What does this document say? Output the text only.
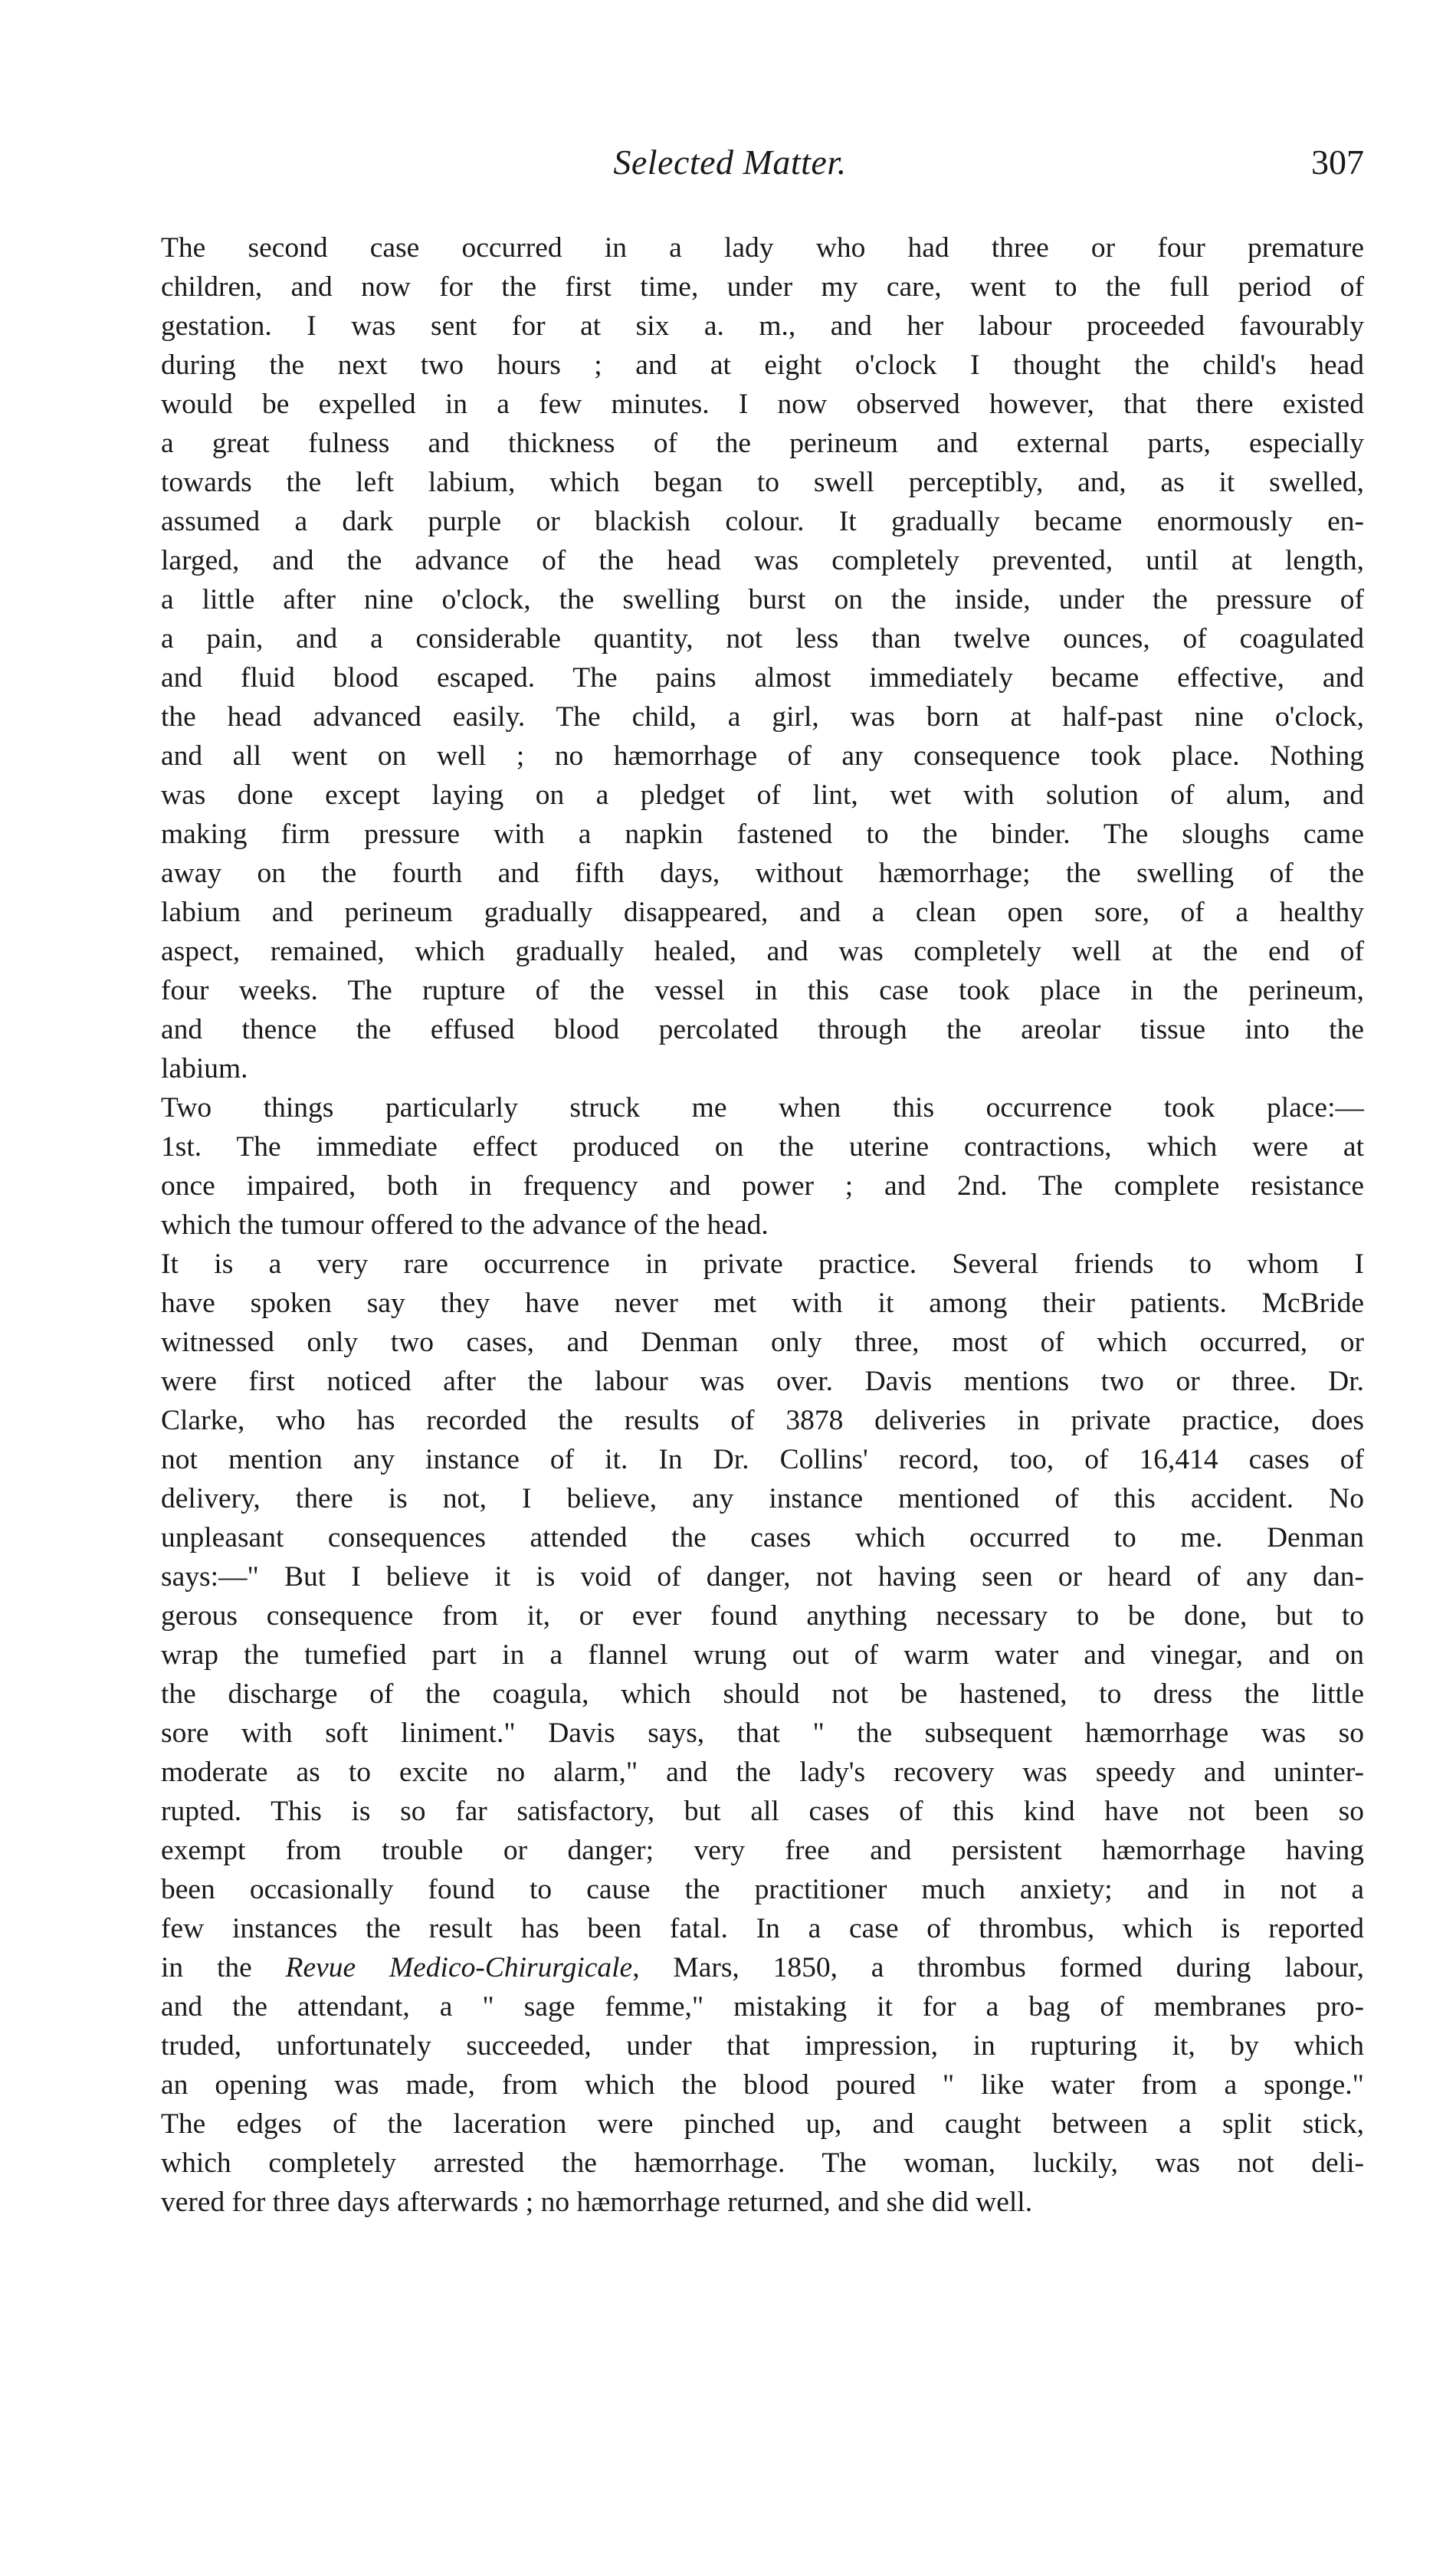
Selected Matter.	307

The second case occurred in a lady who had three or four premature
children, and now for the first time, under my care, went to the full period of
gestation. I was sent for at six a. m., and her labour proceeded favourably
during the next two hours ; and at eight o'clock I thought the child's head
would be expelled in a few minutes. I now observed however, that there existed
a great fulness and thickness of the perineum and external parts, especially
towards the left labium, which began to swell perceptibly, and, as it swelled,
assumed a dark purple or blackish colour. It gradually became enormously en-
larged, and the advance of the head was completely prevented, until at length,
a little after nine o'clock, the swelling burst on the inside, under the pressure of
a pain, and a considerable quantity, not less than twelve ounces, of coagulated
and fluid blood escaped. The pains almost immediately became effective, and
the head advanced easily. The child, a girl, was born at half-past nine o'clock,
and all went on well ; no hæmorrhage of any consequence took place. Nothing
was done except laying on a pledget of lint, wet with solution of alum, and
making firm pressure with a napkin fastened to the binder. The sloughs came
away on the fourth and fifth days, without hæmorrhage; the swelling of the
labium and perineum gradually disappeared, and a clean open sore, of a healthy
aspect, remained, which gradually healed, and was completely well at the end of
four weeks. The rupture of the vessel in this case took place in the perineum,
and thence the effused blood percolated through the areolar tissue into the
labium.

Two things particularly struck me when this occurrence took place:—
1st. The immediate effect produced on the uterine contractions, which were at
once impaired, both in frequency and power ; and 2nd. The complete resistance
which the tumour offered to the advance of the head.

It is a very rare occurrence in private practice. Several friends to whom I
have spoken say they have never met with it among their patients. McBride
witnessed only two cases, and Denman only three, most of which occurred, or
were first noticed after the labour was over. Davis mentions two or three. Dr.
Clarke, who has recorded the results of 3878 deliveries in private practice, does
not mention any instance of it. In Dr. Collins' record, too, of 16,414 cases of
delivery, there is not, I believe, any instance mentioned of this accident. No
unpleasant consequences attended the cases which occurred to me. Denman
says:—" But I believe it is void of danger, not having seen or heard of any dan-
gerous consequence from it, or ever found anything necessary to be done, but to
wrap the tumefied part in a flannel wrung out of warm water and vinegar, and on
the discharge of the coagula, which should not be hastened, to dress the little
sore with soft liniment." Davis says, that " the subsequent hæmorrhage was so
moderate as to excite no alarm," and the lady's recovery was speedy and uninter-
rupted. This is so far satisfactory, but all cases of this kind have not been so
exempt from trouble or danger; very free and persistent hæmorrhage having
been occasionally found to cause the practitioner much anxiety; and in not a
few instances the result has been fatal. In a case of thrombus, which is reported
in the Revue Medico-Chirurgicale, Mars, 1850, a thrombus formed during labour,
and the attendant, a " sage femme," mistaking it for a bag of membranes pro-
truded, unfortunately succeeded, under that impression, in rupturing it, by which
an opening was made, from which the blood poured " like water from a sponge."
The edges of the laceration were pinched up, and caught between a split stick,
which completely arrested the hæmorrhage. The woman, luckily, was not deli-
vered for three days afterwards ; no hæmorrhage returned, and she did well.
